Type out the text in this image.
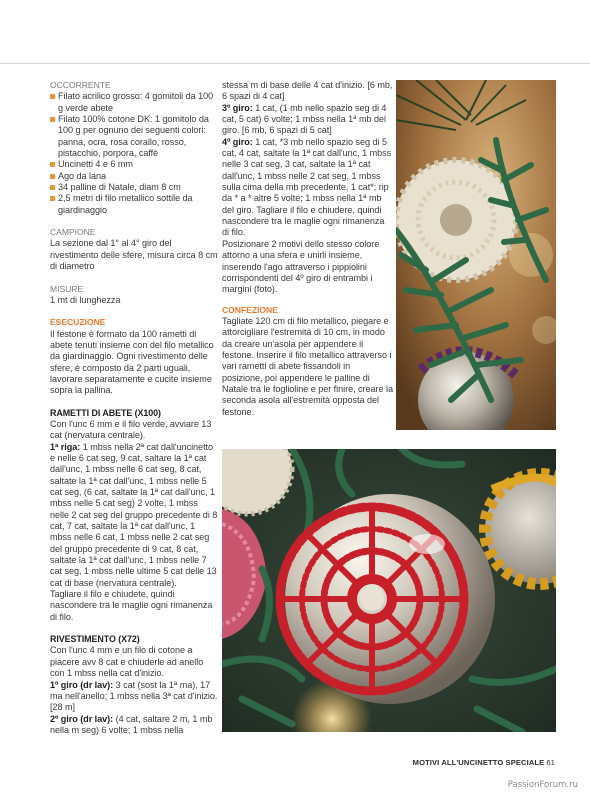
OCCORRENTE

Filato acrilico grosso: 4 gomitoli da 100 g verde abete
Filato 100% cotone DK: 1 gomitolo da 100 g per ognuno dei seguenti colori: panna, ocra, rosa corallo, rosso, pistacchio, porpora, caffè
Uncinetti 4 e 6 mm
Ago da lana
34 palline di Natale, diam 8 cm
2,5 metri di filo metallico sottile da giardinaggio

CAMPIONE

La sezione dal 1° al 4° giro del rivestimento delle sfere, misura circa 8 cm di diametro

MISURE

1 mt di lunghezza

ESECUZIONE

Il festone è formato da 100 rametti di abete tenuti insieme con del filo metallico da giardinaggio. Ogni rivestimento delle sfere, è composto da 2 parti uguali, lavorare separatamente e cucite insieme sopra la pallina.

RAMETTI DI ABETE (X100)

Con l'unc 6 mm e il filo verde, avviare 13 cat (nervatura centrale).

1ª riga: 1 mbss nella 2ª cat dall'uncinetto e nelle 6 cat seg, 9 cat, saltare la 1ª cat dall'unc, 1 mbss nelle 6 cat seg, 8 cat, saltate la 1ª cat dall'unc, 1 mbss nelle 5 cat seg, (6 cat, saltate la 1ª cat dall'unc, 1 mbss nelle 5 cat seg) 2 volte, 1 mbss nelle 2 cat seg del gruppo precedente di 8 cat, 7 cat, saltate la 1ª cat dall'unc, 1 mbss nelle 6 cat, 1 mbss nelle 2 cat seg del gruppo precedente di 9 cat, 8 cat, saltate la 1ª cat dall'unc, 1 mbss nelle 7 cat seg, 1 mbss nelle ultime 5 cat delle 13 cat di base (nervatura centrale).

Tagliare il filo e chiudete, quindi nascondere tra le maglie ogni rimanenza di filo.

RIVESTIMENTO (X72)

Con l'unc 4 mm e un filo di cotone a piacere avv 8 cat e chiuderle ad anello con 1 mbss nella cat d'inizio.

1º giro (dr lav): 3 cat (sost la 1ª ma), 17 ma nell'anello; 1 mbss nella 3ª cat d'inizio. [28 m]

2º giro (dr lav): (4 cat, saltare 2 m, 1 mb nella m seg) 6 volte; 1 mbss nella

stessa m di base delle 4 cat d'inizio. [6 mb, 6 spazi di 4 cat]

3º giro: 1 cat, (1 mb nello spazio seg di 4 cat, 5 cat) 6 volte; 1 mbss nella 1ª mb del giro. [6 mb, 6 spazi di 5 cat]

4º giro: 1 cat, *3 mb nello spazio seg di 5 cat, 4 cat, saltate la 1ª cat dall'unc, 1 mbss nelle 3 cat seg, 3 cat, saltate la 1ª cat dall'unc, 1 mbss nelle 2 cat seg, 1 mbss sulla cima della mb precedente, 1 cat*; rip da * a * altre 5 volte; 1 mbss nella 1ª mb del giro. Tagliare il filo e chiudere, quindi nascondere tra le maglie ogni rimanenza di filo.

Posizionare 2 motivi dello stesso colore attorno a una sfera e unirli insieme, inserendo l'ago attraverso i pippiolini corrispondenti del 4º giro di entrambi i margini (foto).

CONFEZIONE

Tagliate 120 cm di filo metallico, piegare e attorcigliare l'estremità di 10 cm, in modo da creare un'asola per appendere il festone. Inserire il filo metallico attraverso i vari rametti di abete fissandoli in posizione, poi appendere le palline di Natale tra le foglioline e per finire, creare la seconda asola all'estremità opposta del festone.

MOTIVI ALL'UNCINETTO SPECIALE 61
PassionForum.ru
